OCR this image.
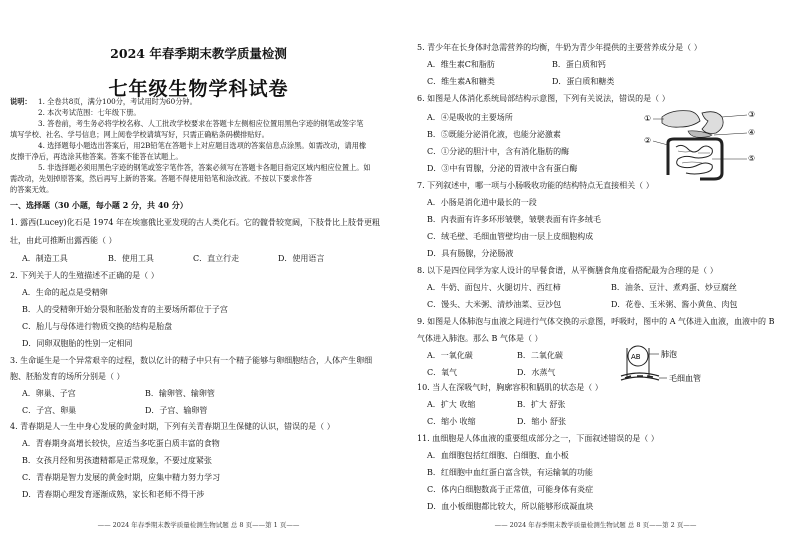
2024 年春季期末教学质量检测
七年级生物学科试卷
说明： 1. 全卷共8页，满分100分，考试用时为60分钟。
2. 本次考试范围：七年级下册。
3. 答卷前，考生务必将学校名称、人工批改学校要求在答题卡左侧相应位置用黑色字迹的钢笔或签字笔
填写学校、社名、学号信息；网上阅卷学校请填写好，只需正确粘条码横排贴好。
4. 选择题每小题选出答案后，用2B铅笔在答题卡上对应题目选项的答案信息点涂黑。如需改动，请用橡
皮擦干净后，再选涂其他答案。答案不能答在试题上。
5. 非选择题必须用黑色字迹的钢笔或签字笔作答，答案必须写在答题卡各题目指定区域内相应位置上。如
需改动，先划掉原答案，然后再写上新的答案。答题不得使用铅笔和涂改液。不按以下要求作答
的答案无效。
一、选择题（30 小题，每小题 2 分，共 40 分）
1. 露西(Lucey)化石是 1974 年在埃塞俄比亚发现的古人类化石。它的髋骨较宽阔，下肢骨比上肢骨更粗
壮，由此可推断出露西能（ ）
A．制造工具	B．使用工具	C．直立行走	D．使用语言
2. 下列关于人的生殖描述不正确的是（ ）
A．生命的起点是受精卵
B．人的受精卵开始分裂和胚胎发育的主要场所都位于子宫
C．胎儿与母体进行物质交换的结构是胎盘
D．同卵双胞胎的性别一定相同
3. 生命诞生是一个异常艰辛的过程，数以亿计的精子中只有一个精子能够与卵细胞结合，人体产生卵细
胞、胚胎发育的场所分别是（ ）
A．卵巢、子宫	B．输卵管、输卵管
C．子宫、卵巢	D．子宫、输卵管
4. 青春期是人一生中身心发展的黄金时期，下列有关青春期卫生保健的认识，错误的是（ ）
A．青春期身高增长较快，应适当多吃蛋白质丰富的食物
B．女孩月经和男孩遗精都是正常现象，不要过度紧张
C．青春期是智力发展的黄金时期，应集中精力努力学习
D．青春期心理发育逐渐成熟，家长和老师不得干涉
—— 2024 年春季期末教学质量检测生物试题 总 8 页——第 1 页——
5. 青少年在长身体时急需营养的均衡，牛奶为青少年提供的主要营养成分是（ ）
A．维生素C和脂肪	B．蛋白质和钙
C．维生素A和糖类	D．蛋白质和糖类
6. 如图是人体消化系统局部结构示意图，下列有关说法，错误的是（ ）
A．④是吸收的主要场所
B．⑤既能分泌消化液，也能分泌激素
C．①分泌的胆汁中，含有消化脂肪的酶
D．③中有胃腺，分泌的胃液中含有蛋白酶
①
②
③
④
⑤
7. 下列叙述中，哪一项与小肠吸收功能的结构特点无直接相关（ ）
A．小肠是消化道中最长的一段
B．内表面有许多环形皱襞，皱襞表面有许多绒毛
C．绒毛壁、毛细血管壁均由一层上皮细胞构成
D．具有肠腺，分泌肠液
8. 以下是四位同学为家人设计的早餐食谱，从平衡膳食角度看搭配最为合理的是（ ）
A．牛奶、面包片、火腿切片、西红柿	B．油条、豆汁、煮鸡蛋、炒豆腐丝
C．馒头、大米粥、清炒油菜、豆沙包	D．花卷、玉米粥、酱小黄鱼、肉包
9. 如图是人体肺泡与血液之间进行气体交换的示意图，呼吸时，图中的 A 气体进入血液，血液中的 B
气体进入肺泡。那么 B 气体是（ ）
A．一氧化碳	B．二氧化碳
C．氧气	D．水蒸气
AB	肺泡
毛细血管
10. 当人在深吸气时，胸廓容积和膈肌的状态是（ ）
A．扩大 收缩	B．扩大 舒张
C．缩小 收缩	D．缩小 舒张
11. 血细胞是人体血液的重要组成部分之一，下面叙述错误的是（ ）
A．血细胞包括红细胞、白细胞、血小板
B．红细胞中血红蛋白富含铁，有运输氧的功能
C．体内白细胞数高于正常值，可能身体有炎症
D．血小板细胞都比较大，所以能够形成凝血块
—— 2024 年春季期末教学质量检测生物试题 总 8 页——第 2 页——
